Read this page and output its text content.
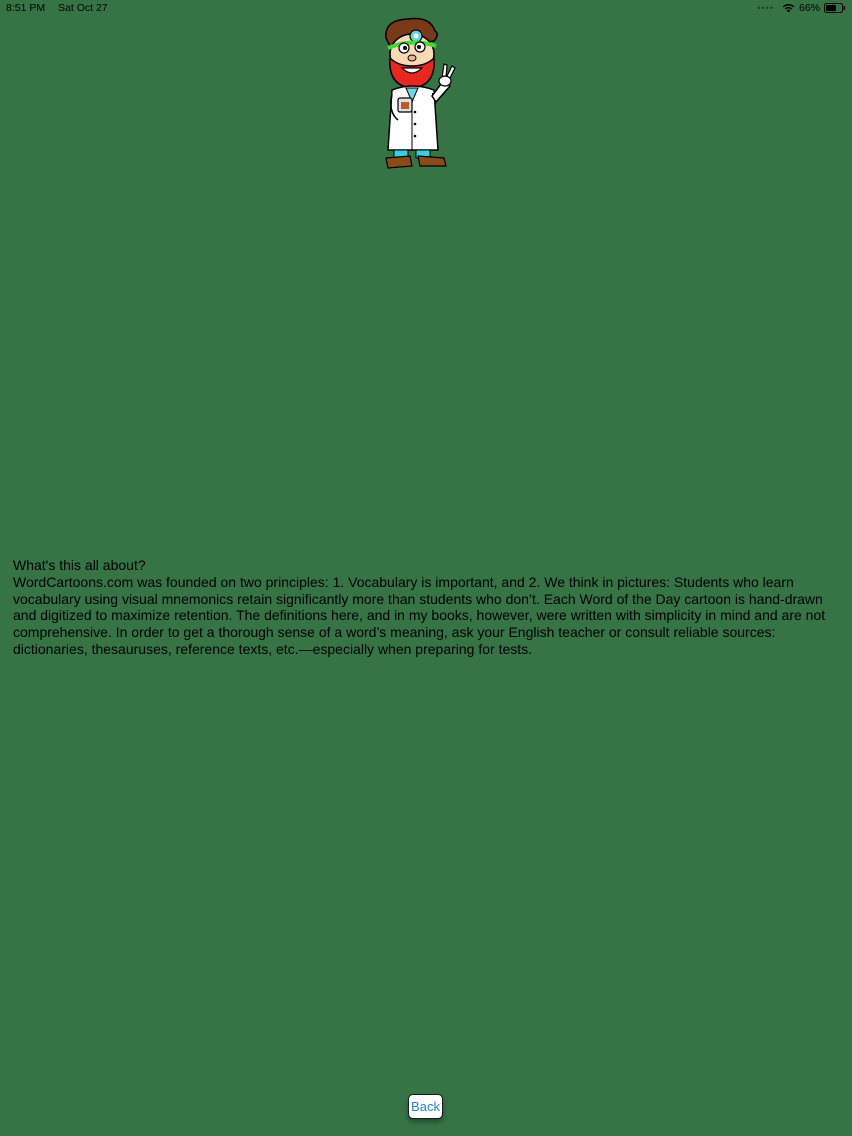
8:51 PM Sat Oct 27	•••• 66%

What's this all about?

WordCartoons.com was founded on two principles: 1. Vocabulary is important, and 2. We think in pictures: Students who learn vocabulary using visual mnemonics retain significantly more than students who don’t. Each Word of the Day cartoon is hand-drawn and digitized to maximize retention. The definitions here, and in my books, however, were written with simplicity in mind and are not comprehensive. In order to get a thorough sense of a word’s meaning, ask your English teacher or consult reliable sources: dictionaries, thesauruses, reference texts, etc.—especially when preparing for tests.

Back
